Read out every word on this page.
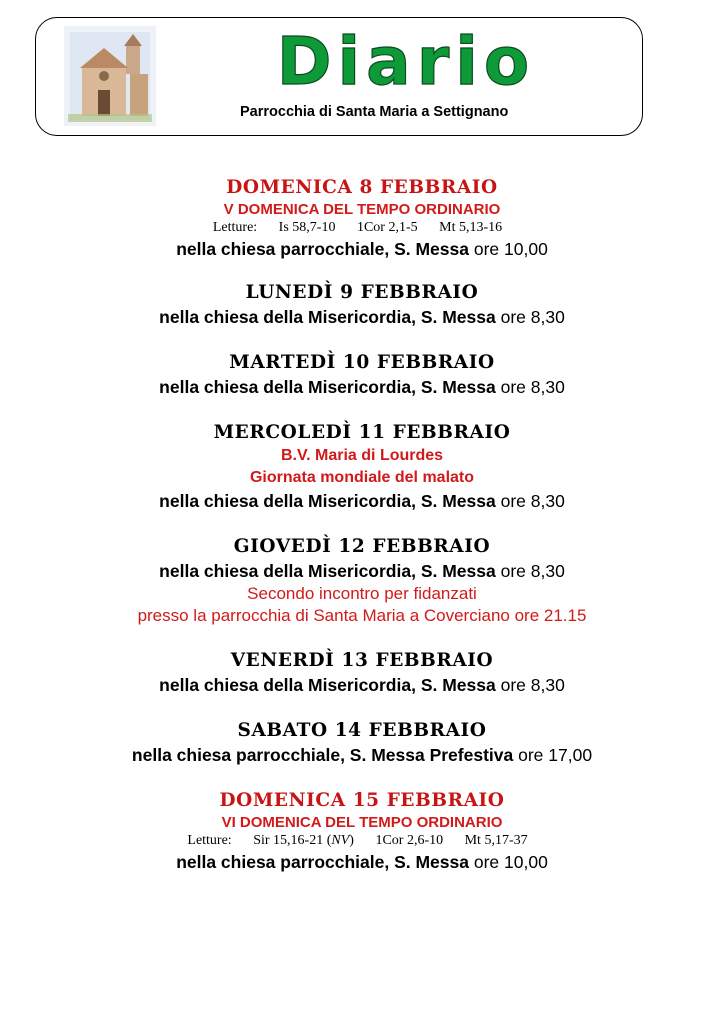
Diario
Parrocchia di Santa Maria a Settignano

DOMENICA 8 FEBBRAIO

V DOMENICA DEL TEMPO ORDINARIO

Letture: Is 58,7-10 1Cor 2,1-5 Mt 5,13-16

nella chiesa parrocchiale, S. Messa ore 10,00

LUNEDÌ 9 FEBBRAIO

nella chiesa della Misericordia, S. Messa ore 8,30

MARTEDÌ 10 FEBBRAIO

nella chiesa della Misericordia, S. Messa ore 8,30

MERCOLEDÌ 11 FEBBRAIO

B.V. Maria di Lourdes

Giornata mondiale del malato

nella chiesa della Misericordia, S. Messa ore 8,30

GIOVEDÌ 12 FEBBRAIO

nella chiesa della Misericordia, S. Messa ore 8,30

Secondo incontro per fidanzati

presso la parrocchia di Santa Maria a Coverciano ore 21.15

VENERDÌ 13 FEBBRAIO

nella chiesa della Misericordia, S. Messa ore 8,30

SABATO 14 FEBBRAIO

nella chiesa parrocchiale, S. Messa Prefestiva ore 17,00

DOMENICA 15 FEBBRAIO

VI DOMENICA DEL TEMPO ORDINARIO

Letture: Sir 15,16-21 (NV) 1Cor 2,6-10 Mt 5,17-37

nella chiesa parrocchiale, S. Messa ore 10,00
